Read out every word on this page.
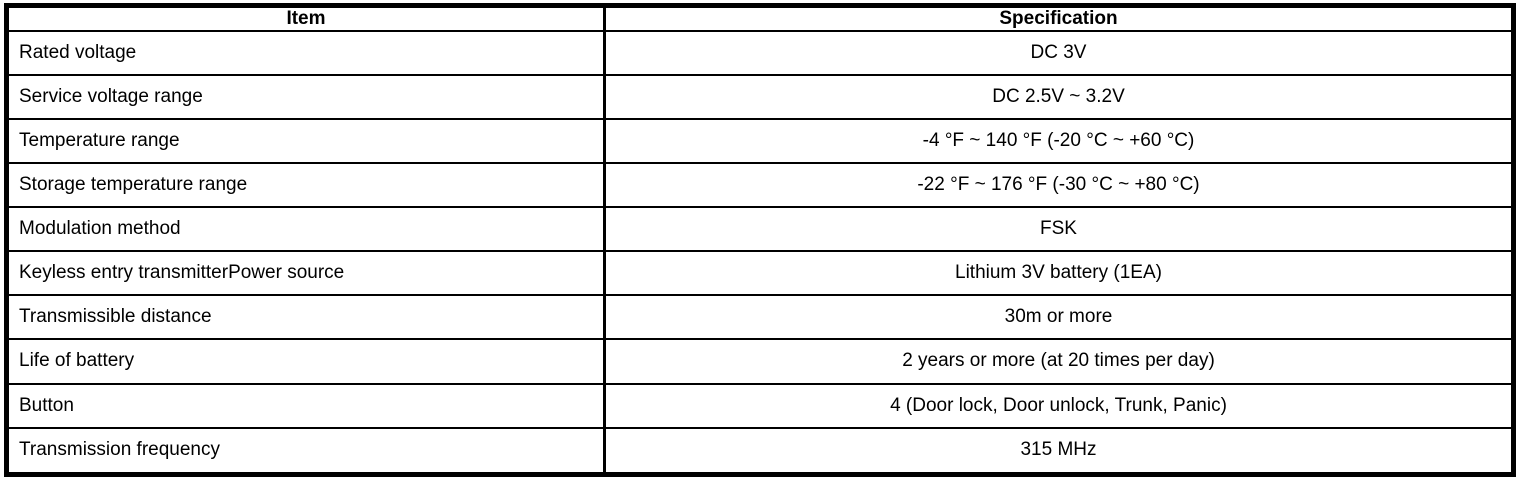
Item	Specification
Rated voltage	DC 3V
Service voltage range	DC 2.5V ~ 3.2V
Temperature range	-4 °F ~ 140 °F (-20 °C ~ +60 °C)
Storage temperature range	-22 °F ~ 176 °F (-30 °C ~ +80 °C)
Modulation method	FSK
Keyless entry transmitterPower source	Lithium 3V battery (1EA)
Transmissible distance	30m or more
Life of battery	2 years or more (at 20 times per day)
Button	4 (Door lock, Door unlock, Trunk, Panic)
Transmission frequency	315 MHz
